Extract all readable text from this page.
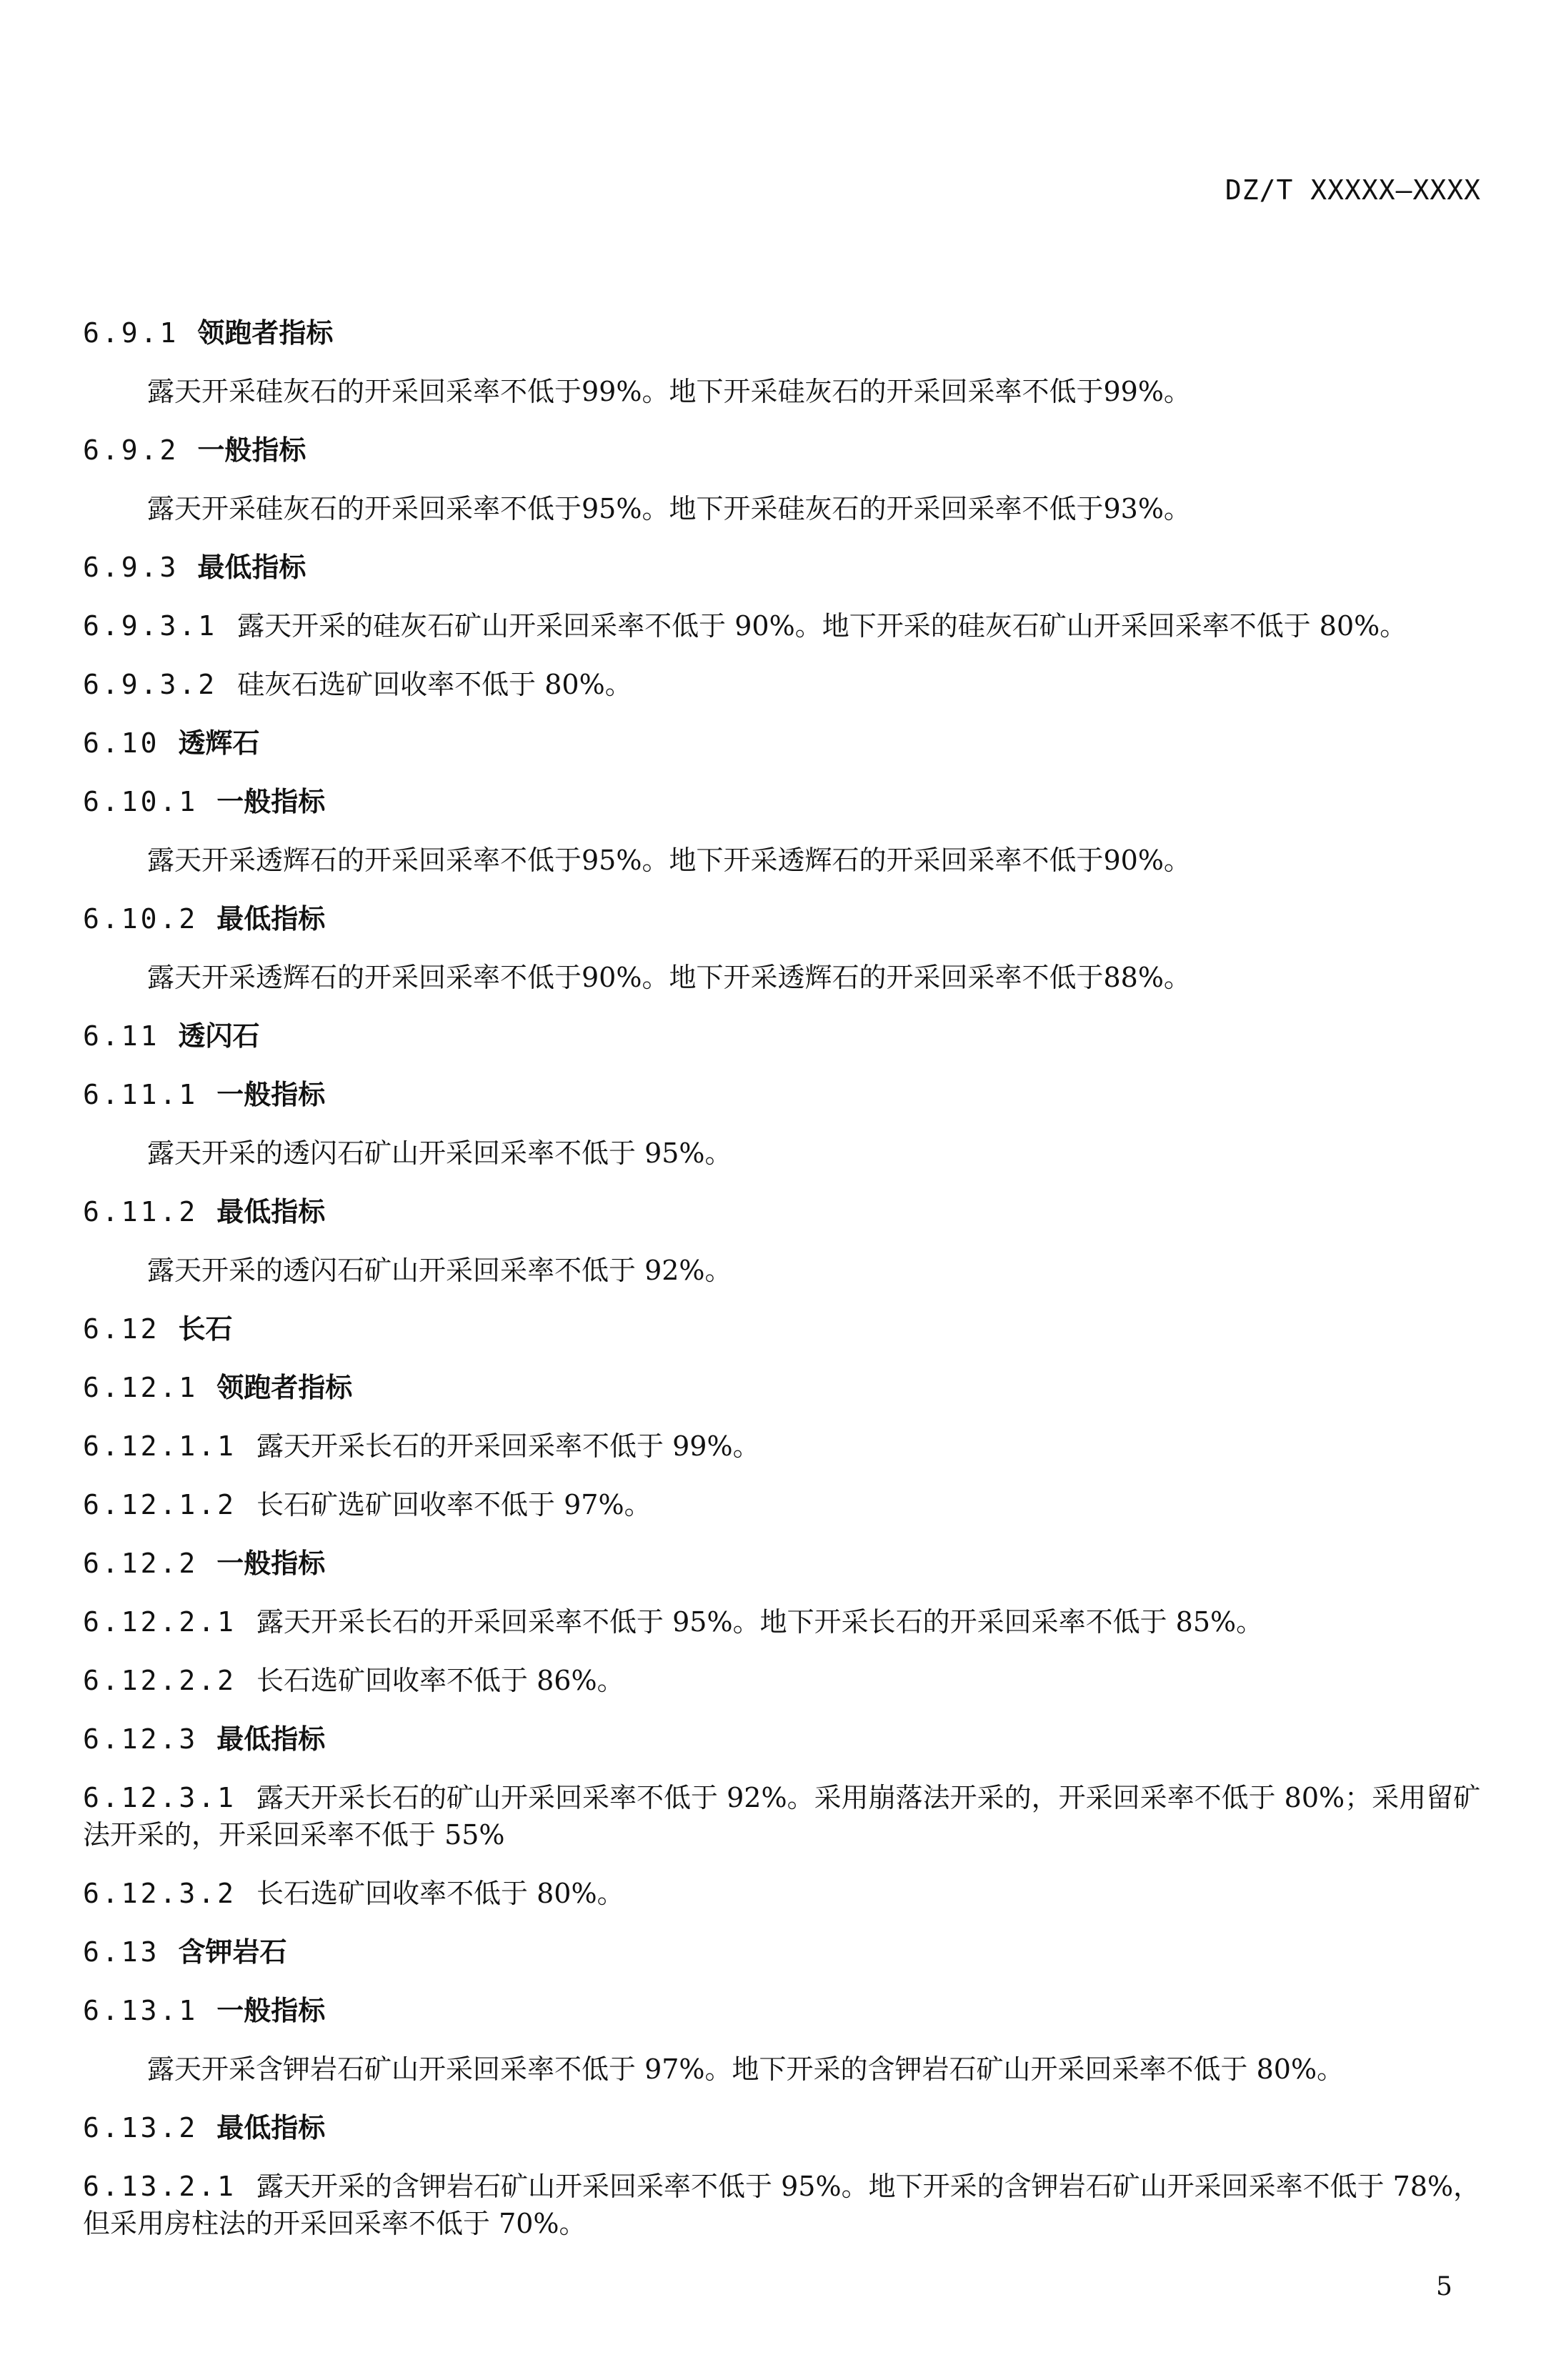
DZ/T XXXXX—XXXX

6.9.1 领跑者指标

露天开采硅灰石的开采回采率不低于99%。地下开采硅灰石的开采回采率不低于99%。

6.9.2 一般指标

露天开采硅灰石的开采回采率不低于95%。地下开采硅灰石的开采回采率不低于93%。

6.9.3 最低指标

6.9.3.1 露天开采的硅灰石矿山开采回采率不低于 90%。地下开采的硅灰石矿山开采回采率不低于 80%。

6.9.3.2 硅灰石选矿回收率不低于 80%。

6.10 透辉石

6.10.1 一般指标

露天开采透辉石的开采回采率不低于95%。地下开采透辉石的开采回采率不低于90%。

6.10.2 最低指标

露天开采透辉石的开采回采率不低于90%。地下开采透辉石的开采回采率不低于88%。

6.11 透闪石

6.11.1 一般指标

露天开采的透闪石矿山开采回采率不低于 95%。

6.11.2 最低指标

露天开采的透闪石矿山开采回采率不低于 92%。

6.12 长石

6.12.1 领跑者指标

6.12.1.1 露天开采长石的开采回采率不低于 99%。

6.12.1.2 长石矿选矿回收率不低于 97%。

6.12.2 一般指标

6.12.2.1 露天开采长石的开采回采率不低于 95%。地下开采长石的开采回采率不低于 85%。

6.12.2.2 长石选矿回收率不低于 86%。

6.12.3 最低指标

6.12.3.1 露天开采长石的矿山开采回采率不低于 92%。采用崩落法开采的，开采回采率不低于 80%；采用留矿法开采的，开采回采率不低于 55%

6.12.3.2 长石选矿回收率不低于 80%。

6.13 含钾岩石

6.13.1 一般指标

露天开采含钾岩石矿山开采回采率不低于 97%。地下开采的含钾岩石矿山开采回采率不低于 80%。

6.13.2 最低指标

6.13.2.1 露天开采的含钾岩石矿山开采回采率不低于 95%。地下开采的含钾岩石矿山开采回采率不低于 78%，但采用房柱法的开采回采率不低于 70%。

5
